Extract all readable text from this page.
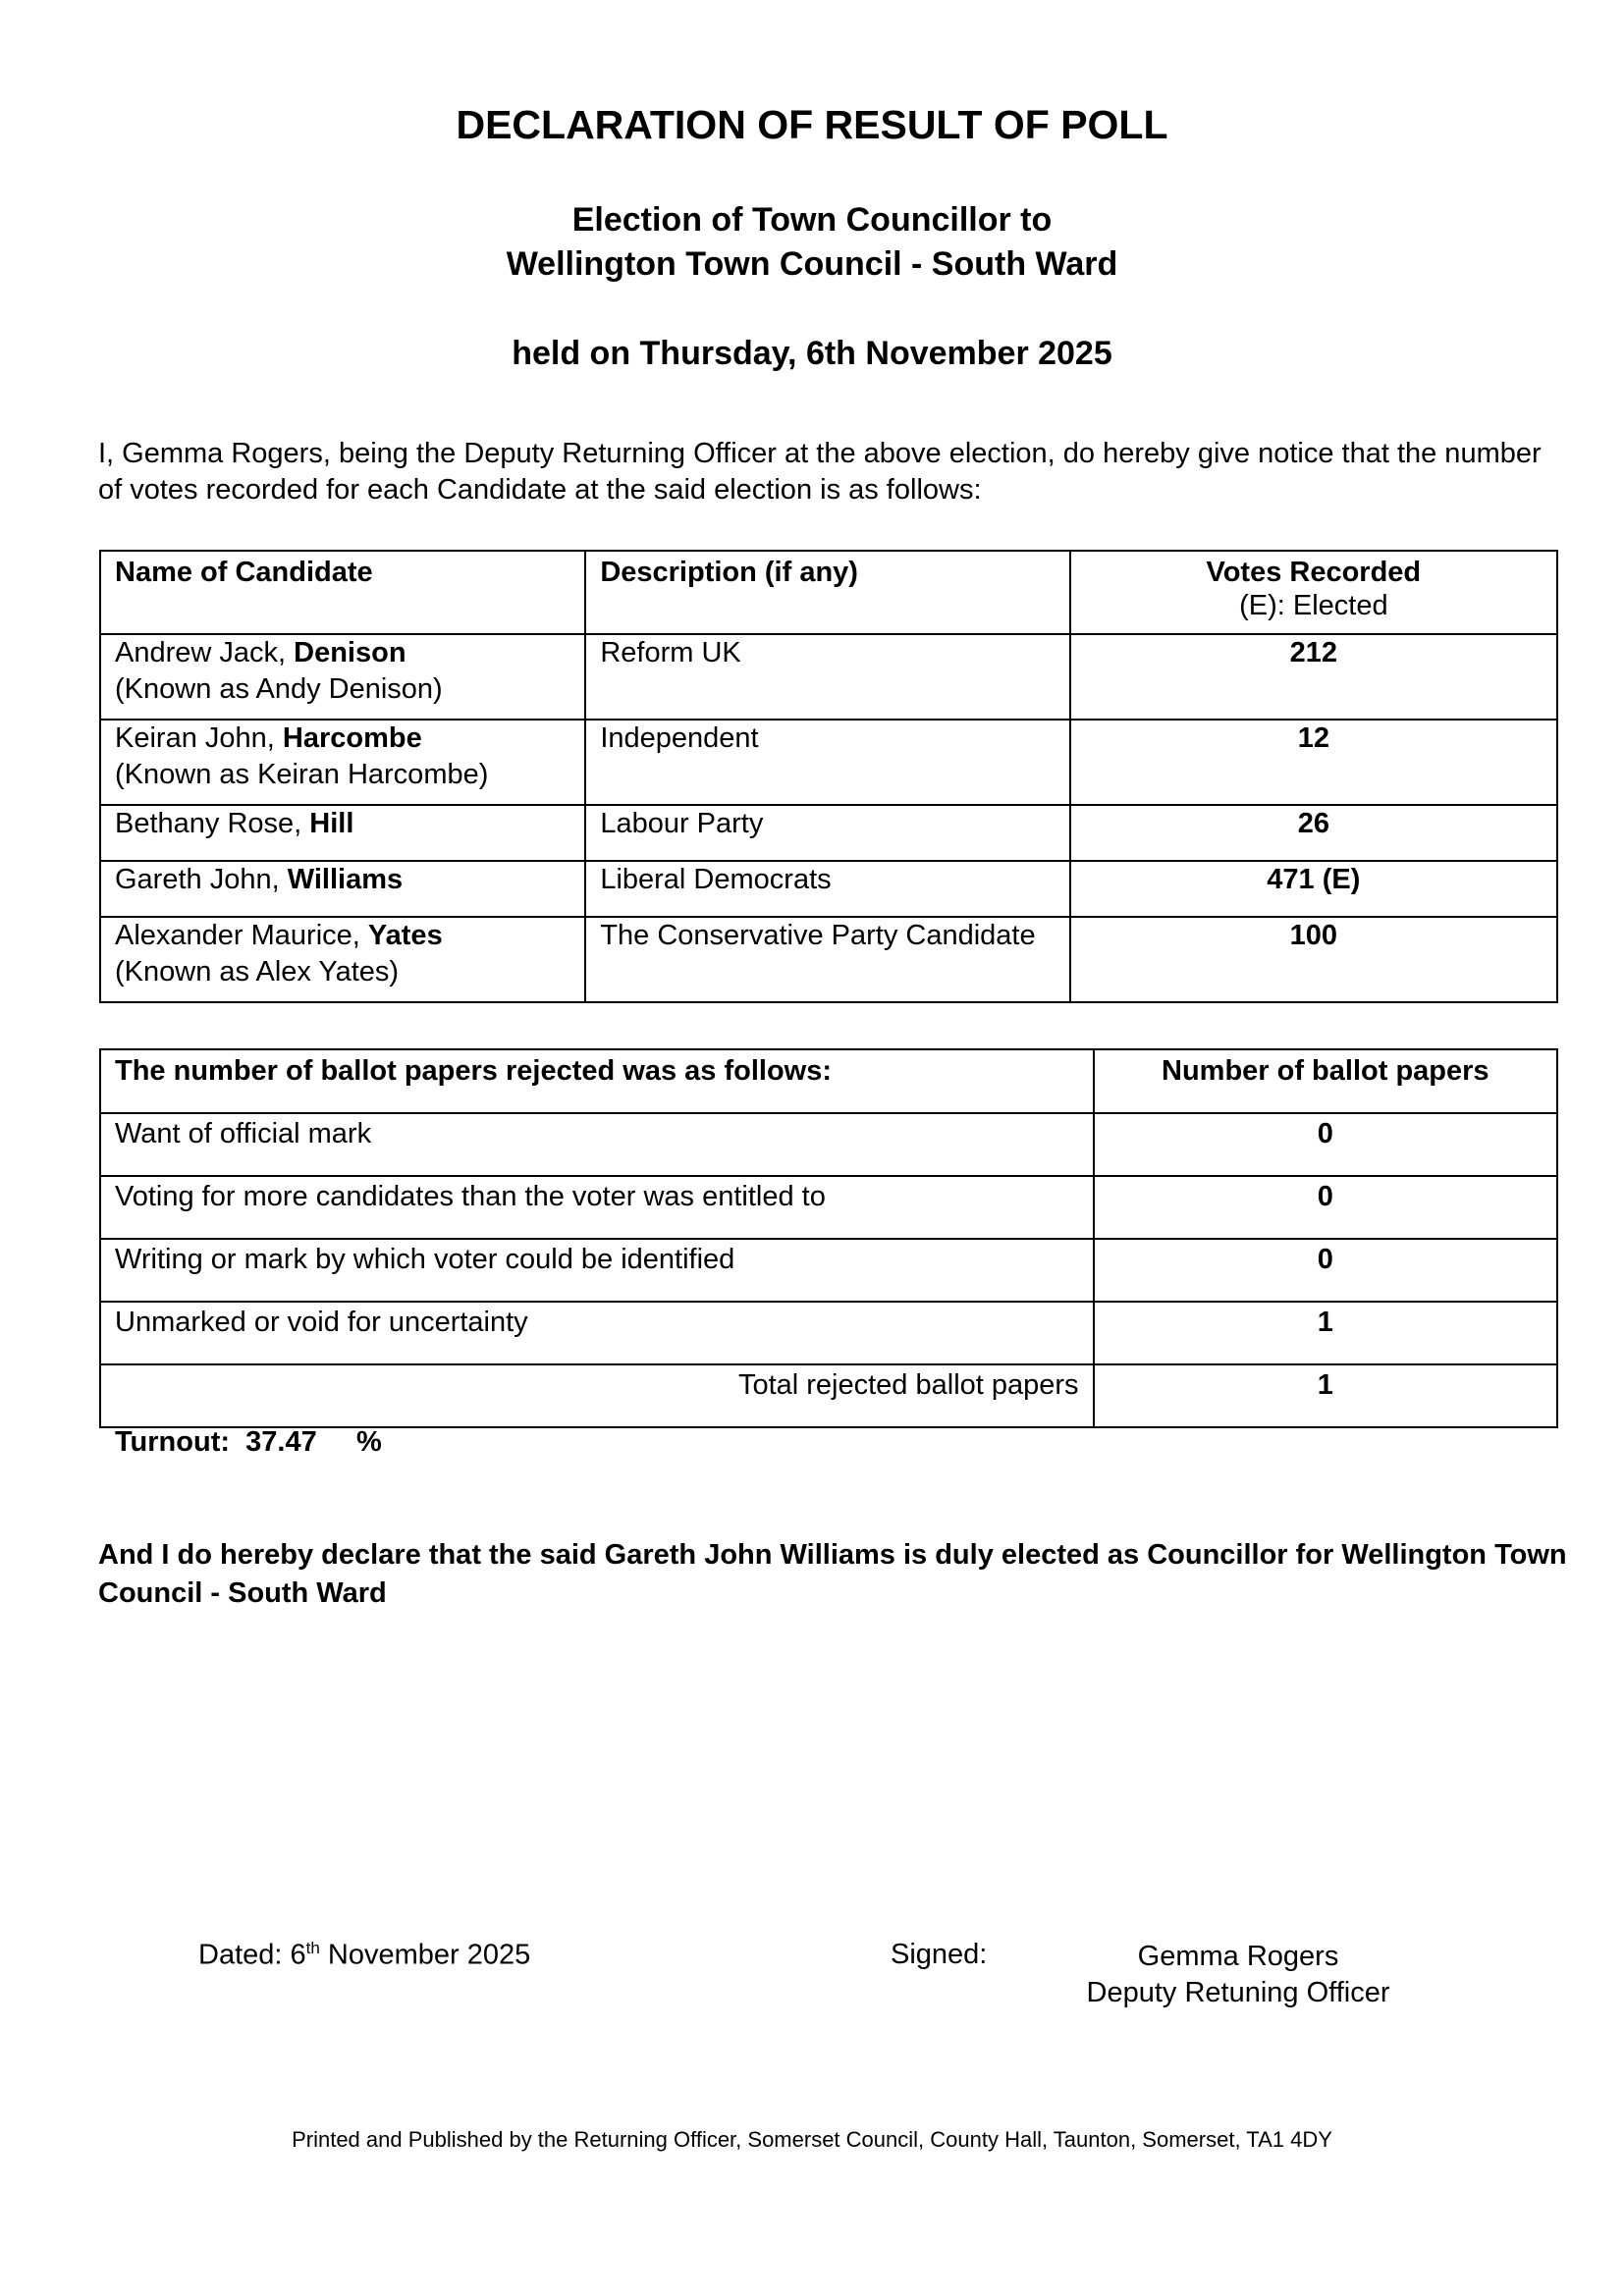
DECLARATION OF RESULT OF POLL
Election of Town Councillor to
Wellington Town Council - South Ward
held on Thursday, 6th November 2025
I, Gemma Rogers, being the Deputy Returning Officer at the above election, do hereby give notice that the number of votes recorded for each Candidate at the said election is as follows:
Name of Candidate	Description (if any)	Votes Recorded
(E): Elected

Andrew Jack, Denison
(Known as Andy Denison)	Reform UK	212
Keiran John, Harcombe
(Known as Keiran Harcombe)	Independent	12
Bethany Rose, Hill	Labour Party	26
Gareth John, Williams	Liberal Democrats	471 (E)
Alexander Maurice, Yates
(Known as Alex Yates)	The Conservative Party Candidate	100
The number of ballot papers rejected was as follows:	Number of ballot papers
Want of official mark	0
Voting for more candidates than the voter was entitled to	0
Writing or mark by which voter could be identified	0
Unmarked or void for uncertainty	1
Total rejected ballot papers	1
Turnout: 37.47 %
And I do hereby declare that the said Gareth John Williams is duly elected as Councillor for Wellington Town Council - South Ward
Dated: 6th November 2025	Signed:	Gemma Rogers
Deputy Retuning Officer
Printed and Published by the Returning Officer, Somerset Council, County Hall, Taunton, Somerset, TA1 4DY
